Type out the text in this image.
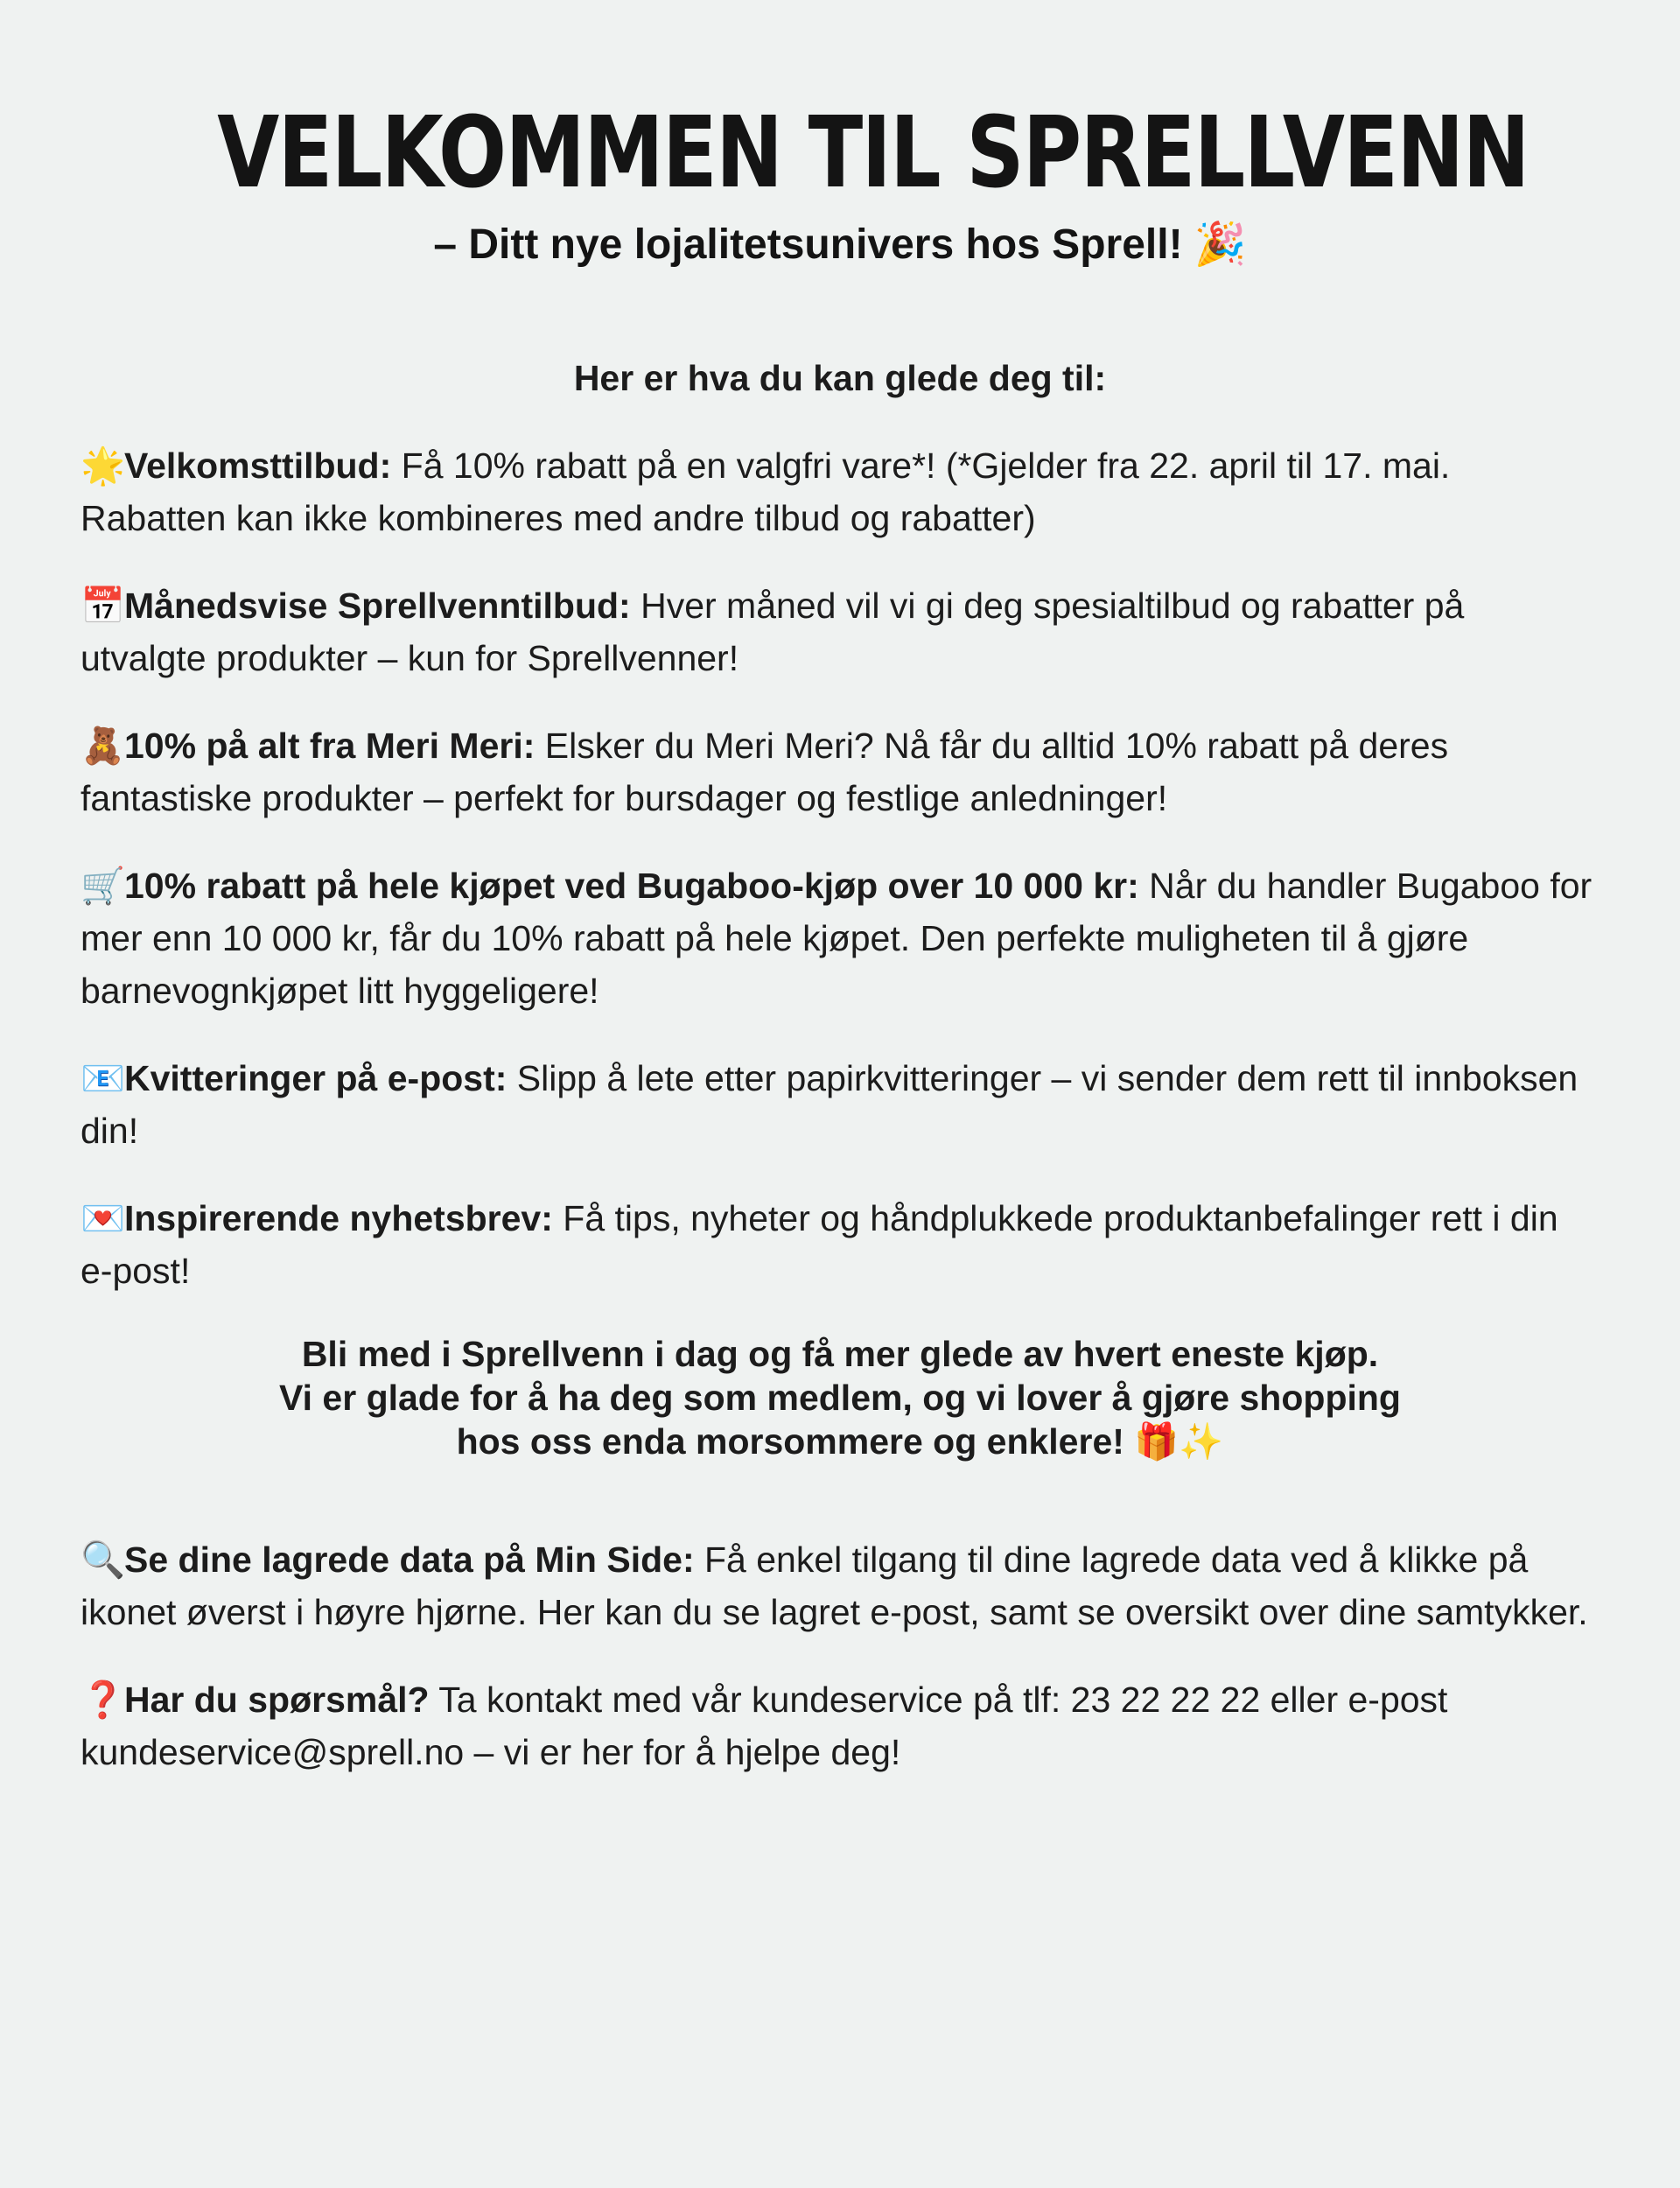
VELKOMMEN TIL SPRELLVENN

– Ditt nye lojalitetsunivers hos Sprell! 🎉

Her er hva du kan glede deg til:

🌟Velkomsttilbud: Få 10% rabatt på en valgfri vare*! (*Gjelder fra 22. april til 17. mai. Rabatten kan ikke kombineres med andre tilbud og rabatter)

📅Månedsvise Sprellvenntilbud: Hver måned vil vi gi deg spesialtilbud og rabatter på utvalgte produkter – kun for Sprellvenner!

🧸10% på alt fra Meri Meri: Elsker du Meri Meri? Nå får du alltid 10% rabatt på deres fantastiske produkter – perfekt for bursdager og festlige anledninger!

🛒10% rabatt på hele kjøpet ved Bugaboo-kjøp over 10 000 kr: Når du handler Bugaboo for mer enn 10 000 kr, får du 10% rabatt på hele kjøpet. Den perfekte muligheten til å gjøre barnevognkjøpet litt hyggeligere!

📧Kvitteringer på e-post: Slipp å lete etter papirkvitteringer – vi sender dem rett til innboksen din!

💌Inspirerende nyhetsbrev: Få tips, nyheter og håndplukkede produktanbefalinger rett i din e-post!

Bli med i Sprellvenn i dag og få mer glede av hvert eneste kjøp.
Vi er glade for å ha deg som medlem, og vi lover å gjøre shopping
hos oss enda morsommere og enklere! 🎁✨

🔍Se dine lagrede data på Min Side: Få enkel tilgang til dine lagrede data ved å klikke på ikonet øverst i høyre hjørne. Her kan du se lagret e-post, samt se oversikt over dine samtykker.

❓Har du spørsmål? Ta kontakt med vår kundeservice på tlf: 23 22 22 22 eller e-post kundeservice@sprell.no – vi er her for å hjelpe deg!
